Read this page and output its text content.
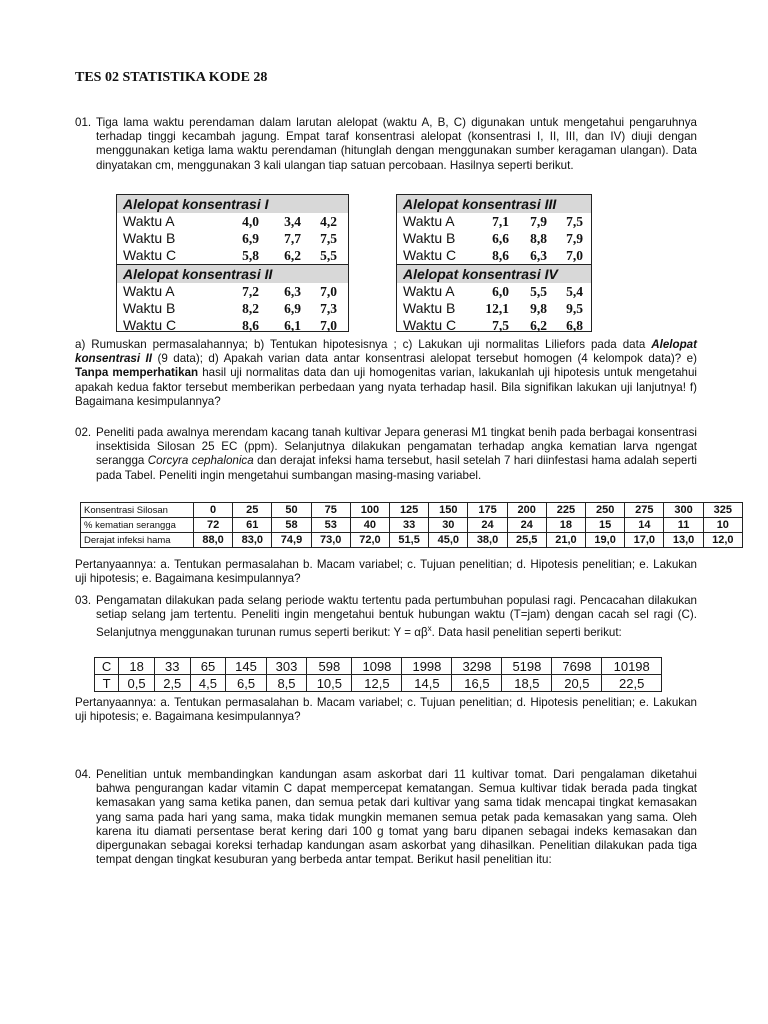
TES 02 STATISTIKA KODE 28
01. Tiga lama waktu perendaman dalam larutan alelopat (waktu A, B, C) digunakan untuk mengetahui pengaruhnya terhadap tinggi kecambah jagung. Empat taraf konsentrasi alelopat (konsentrasi I, II, III, dan IV) diuji dengan menggunakan ketiga lama waktu perendaman (hitunglah dengan menggunakan sumber keragaman ulangan). Data dinyatakan cm, menggunakan 3 kali ulangan tiap satuan percobaan. Hasilnya seperti berikut.
Alelopat konsentrasi I
Waktu A	4,0	3,4	4,2
Waktu B	6,9	7,7	7,5
Waktu C	5,8	6,2	5,5
Alelopat konsentrasi II
Waktu A	7,2	6,3	7,0
Waktu B	8,2	6,9	7,3
Waktu C	8,6	6,1	7,0
Alelopat konsentrasi III
Waktu A	7,1	7,9	7,5
Waktu B	6,6	8,8	7,9
Waktu C	8,6	6,3	7,0
Alelopat konsentrasi IV
Waktu A	6,0	5,5	5,4
Waktu B	12,1	9,8	9,5
Waktu C	7,5	6,2	6,8
a) Rumuskan permasalahannya; b) Tentukan hipotesisnya ; c) Lakukan uji normalitas Liliefors pada data Alelopat konsentrasi II (9 data); d) Apakah varian data antar konsentrasi alelopat tersebut homogen (4 kelompok data)? e) Tanpa memperhatikan hasil uji normalitas data dan uji homogenitas varian, lakukanlah uji hipotesis untuk mengetahui apakah kedua faktor tersebut memberikan perbedaan yang nyata terhadap hasil. Bila signifikan lakukan uji lanjutnya! f) Bagaimana kesimpulannya?
02. Peneliti pada awalnya merendam kacang tanah kultivar Jepara generasi M1 tingkat benih pada berbagai konsentrasi insektisida Silosan 25 EC (ppm). Selanjutnya dilakukan pengamatan terhadap angka kematian larva ngengat serangga Corcyra cephalonica dan derajat infeksi hama tersebut, hasil setelah 7 hari diinfestasi hama adalah seperti pada Tabel. Peneliti ingin mengetahui sumbangan masing-masing variabel.
Konsentrasi Silosan	0	25	50	75	100	125	150	175	200	225	250	275	300	325
% kematian serangga	72	61	58	53	40	33	30	24	24	18	15	14	11	10
Derajat infeksi hama	88,0	83,0	74,9	73,0	72,0	51,5	45,0	38,0	25,5	21,0	19,0	17,0	13,0	12,0
Pertanyaannya: a. Tentukan permasalahan b. Macam variabel; c. Tujuan penelitian; d. Hipotesis penelitian; e. Lakukan uji hipotesis; e. Bagaimana kesimpulannya?
03. Pengamatan dilakukan pada selang periode waktu tertentu pada pertumbuhan populasi ragi. Pencacahan dilakukan setiap selang jam tertentu. Peneliti ingin mengetahui bentuk hubungan waktu (T=jam) dengan cacah sel ragi (C). Selanjutnya menggunakan turunan rumus seperti berikut: $Y = \alpha\beta^x$. Data hasil penelitian seperti berikut:
C	18	33	65	145	303	598	1098	1998	3298	5198	7698	10198
T	0,5	2,5	4,5	6,5	8,5	10,5	12,5	14,5	16,5	18,5	20,5	22,5
Pertanyaannya: a. Tentukan permasalahan b. Macam variabel; c. Tujuan penelitian; d. Hipotesis penelitian; e. Lakukan uji hipotesis; e. Bagaimana kesimpulannya?
04. Penelitian untuk membandingkan kandungan asam askorbat dari 11 kultivar tomat. Dari pengalaman diketahui bahwa pengurangan kadar vitamin C dapat mempercepat kematangan. Semua kultivar tidak berada pada tingkat kemasakan yang sama ketika panen, dan semua petak dari kultivar yang sama tidak mencapai tingkat kemasakan yang sama pada hari yang sama, maka tidak mungkin memanen semua petak pada kemasakan yang sama. Oleh karena itu diamati persentase berat kering dari 100 g tomat yang baru dipanen sebagai indeks kemasakan dan dipergunakan sebagai koreksi terhadap kandungan asam askorbat yang dihasilkan. Penelitian dilakukan pada tiga tempat dengan tingkat kesuburan yang berbeda antar tempat. Berikut hasil penelitian itu:
